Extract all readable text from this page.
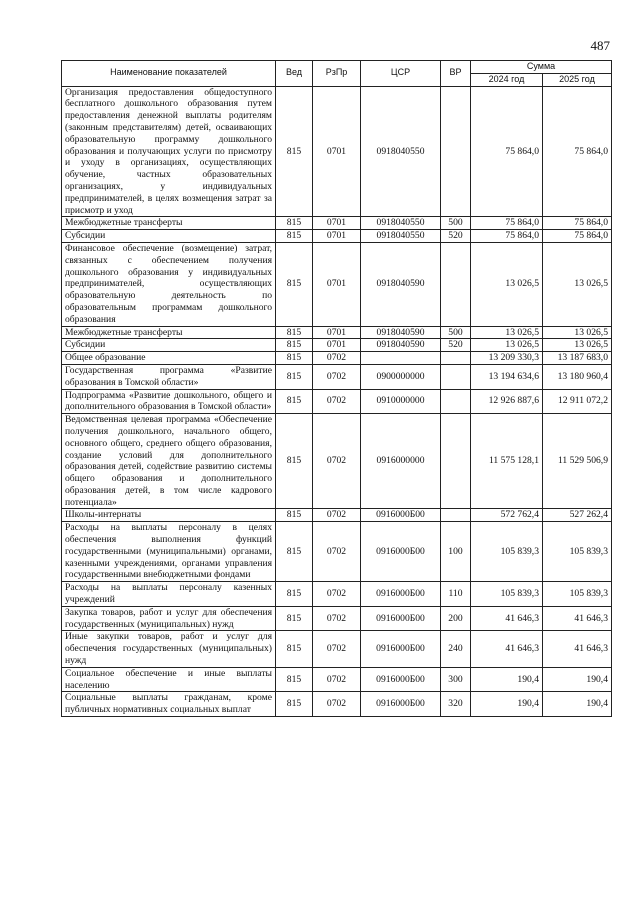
487
Наименование показателей	Вед	РзПр	ЦСР	ВР	Сумма	
					2024 год	2025 год
Организация предоставления общедоступного бесплатного дошкольного образования путем предоставления денежной выплаты родителям (законным представителям) детей, осваивающих образовательную программу дошкольного образования и получающих услуги по присмотру и уходу в организациях, осуществляющих обучение, частных образовательных организациях, у индивидуальных предпринимателей, в целях возмещения затрат за присмотр и уход	815	0701	0918040550		75 864,0	75 864,0
Межбюджетные трансферты	815	0701	0918040550	500	75 864,0	75 864,0
Субсидии	815	0701	0918040550	520	75 864,0	75 864,0
Финансовое обеспечение (возмещение) затрат, связанных с обеспечением получения дошкольного образования у индивидуальных предпринимателей, осуществляющих образовательную деятельность по образовательным программам дошкольного образования	815	0701	0918040590		13 026,5	13 026,5
Межбюджетные трансферты	815	0701	0918040590	500	13 026,5	13 026,5
Субсидии	815	0701	0918040590	520	13 026,5	13 026,5
Общее образование	815	0702			13 209 330,3	13 187 683,0
Государственная программа «Развитие образования в Томской области»	815	0702	0900000000		13 194 634,6	13 180 960,4
Подпрограмма «Развитие дошкольного, общего и дополнительного образования в Томской области»	815	0702	0910000000		12 926 887,6	12 911 072,2
Ведомственная целевая программа «Обеспечение получения дошкольного, начального общего, основного общего, среднего общего образования, создание условий для дополнительного образования детей, содействие развитию системы общего образования и дополнительного образования детей, в том числе кадрового потенциала»	815	0702	0916000000		11 575 128,1	11 529 506,9
Школы-интернаты	815	0702	0916000Б00		572 762,4	527 262,4
Расходы на выплаты персоналу в целях обеспечения выполнения функций государственными (муниципальными) органами, казенными учреждениями, органами управления государственными внебюджетными фондами	815	0702	0916000Б00	100	105 839,3	105 839,3
Расходы на выплаты персоналу казенных учреждений	815	0702	0916000Б00	110	105 839,3	105 839,3
Закупка товаров, работ и услуг для обеспечения государственных (муниципальных) нужд	815	0702	0916000Б00	200	41 646,3	41 646,3
Иные закупки товаров, работ и услуг для обеспечения государственных (муниципальных) нужд	815	0702	0916000Б00	240	41 646,3	41 646,3
Социальное обеспечение и иные выплаты населению	815	0702	0916000Б00	300	190,4	190,4
Социальные выплаты гражданам, кроме публичных нормативных социальных выплат	815	0702	0916000Б00	320	190,4	190,4
